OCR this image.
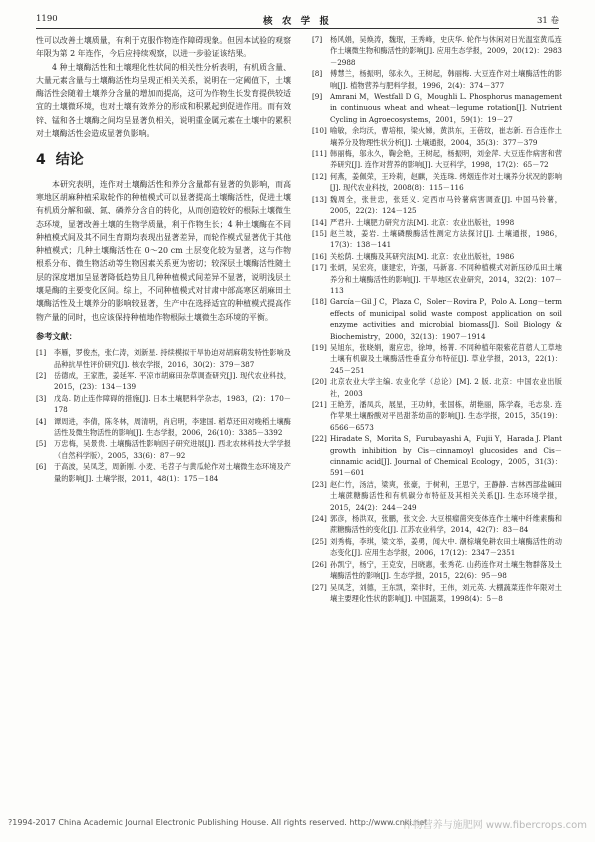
1190	核 农 学 报	31 卷

性可以改善土壤质量，有利于克服作物连作障碍现象。但因本试验的观察年限为第 2 年连作，今后应持续观察，以进一步验证该结果。

4 种土壤酶活性和土壤理化性状间的相关性分析表明，有机质含量、大量元素含量与土壤酶活性均呈现正相关关系，说明在一定阈值下，土壤酶活性会随着土壤养分含量的增加而提高，这可为作物生长发育提供较适宜的土壤微环境，也对土壤有效养分的形成和积累起到促进作用。而有效锌、锰和各土壤酶之间均呈显著负相关，说明重金属元素在土壤中的累积对土壤酶活性会造成显著负影响。

4 结论

本研究表明，连作对土壤酶活性和养分含量都有显著的负影响，而高寒地区胡麻种植采取轮作的种植模式可以显著提高土壤酶活性，促进土壤有机质分解和碳、氮、磷养分含自的转化，从而创造较好的根际土壤微生态环境，显著改善土壤的生物学质量，利于作物生长；4 种土壤酶在不同种植模式间及其不同生育期均表现出显著差异，而轮作模式显著优于其他种植模式；几种土壤酶活性在 0～20 cm 土层变化较为显著，这与作物根系分布、微生物活动等生物因素关系更为密切；较深层土壤酶活性随土层的深度增加呈显著降低趋势且几种种植模式间差异不显著，说明浅层土壤是酶的主要变化区间。综上，不同种植模式对甘肃中部高寒区胡麻田土壤酶活性及土壤养分的影响较显著，生产中在选择适宜的种植模式提高作物产量的同时，也应该保持种植地作物根际土壤微生态环境的平衡。

参考文献：
[1] 李雁，罗俊杰，张仁涛，刘新星. 持续模拟干旱协迫对胡麻萌发特性影响及品种抗旱性评价研究[J]. 核农学报，2016，30(2)：379－387
[2] 岳德成，王家胜，姜延军. 平凉市胡麻田杂草调查研究[J]. 现代农业科技，2015，(23)：134－139
[3] 戊岛. 防止连作障碍的措施[J]. 日本土壤肥料学杂志，1983，(2)：170－178
[4] 谭周进，李倩，陈冬林，周清明，肖启明，李建国. 稻草还田对晚稻土壤酶活性及微生物活性的影响[J]. 生态学报，2006，26(10)：3385－3392
[5] 万忠梅，吴景贵. 土壤酶活性影响因子研究进展[J]. 西北农林科技大学学报（自然科学版），2005，33(6)：87－92
[6] 于高波，吴凤芝，周新刚. 小麦、毛苕子与黄瓜轮作对土壤微生态环境及产量的影响[J]. 土壤学报，2011，48(1)：175－184
[7] 杨风娟，吴焕涛，魏珉，王秀峰，史庆华. 轮作与休闲对日光温室黄瓜连作土壤微生物和酶活性的影响[J]. 应用生态学报，2009，20(12)：2983－2988
[8] 傅慧兰，杨振明，邬永久，王树起，韩丽梅. 大豆连作对土壤酶活性的影响[J]. 植物营养与肥料学报，1996，2(4)：374－377
[9] Amrani M，Westfall D G，Moughli L. Phosphorus management in continuous wheat and wheat－legume rotation[J]. Nutrient Cycling in Agroecosystems，2001，59(1)：19－27
[10] 喻敏，余均沃，曹培根，梁火娣，黄洪东，王蓓玟，崔志新. 百合连作土壤养分及物理性状分析[J]. 土壤通报，2004，35(3)：377－379
[11] 韩丽梅，邬永久，鞠会艳，王树起，杨振明，刘金萍. 大豆连作病害和营养研究[J]. 连作对营养的影响[J]. 大豆科学，1998，17(2)：65－72
[12] 何燕，姜佩荣，王玲莉，赵麒，关连珠. 烤烟连作对土壤养分状况的影响[J]. 现代农业科技，2008(8)：115－116
[13] 魏周全，张世忠，张廷义. 定西市马铃薯病害调查[J]. 中国马铃薯，2005，22(2)：124－125
[14] 严君升. 土壤肥力研究方法[M]. 北京：农业出版社，1998
[15] 赵兰坡，姜岩. 土壤磷酸酶活性测定方法探讨[J]. 土壤通报，1986，17(3)：138－141
[16] 关松荫. 土壤酶及其研究法[M]. 北京：农业出版社，1986
[17] 张炳，吴宏亮，康建宏，许强，马新喜. 不同种植模式对新压砂瓜田土壤养分和土壤酶活性的影响[J]. 干旱地区农业研究，2014，32(2)：107－113
[18] García－Gil J C，Plaza C，Soler－Rovira P，Polo A. Long－term effects of municipal solid waste compost application on soil enzyme activities and microbial biomass[J]. Soil Biology & Biochemistry，2000，32(13)：1907－1914
[19] 吴旭东，张晓娟，谢应忠，徐坤，杨菁. 不同种植年限紫花苜蓿人工草地土壤有机碳及土壤酶活性垂直分布特征[J]. 草业学报，2013，22(1)：245－251
[20] 北京农业大学主编. 农业化学（总论）[M]. 2 版. 北京：中国农业出版社，2003
[21] 王艳芳，潘凤兵，展星，王功帅，张国栋，胡艳丽，陈学森，毛志泉. 连作苹果土壤酚酸对平邑甜茶幼苗的影响[J]. 生态学报，2015，35(19)：6566－6573
[22] Hiradate S，Morita S，Furubayashi A，Fujii Y，Harada J. Plant growth inhibition by Cis－cinnamoyl glucosides and Cis－cinnamic acid[J]. Journal of Chemical Ecology，2005，31(3)：591－601
[23] 赵仁竹，汤洁，梁爽，张豪，于树利，王思宁，王静静. 吉林西部盐碱田土壤蔗糖酶活性和有机碳分布特征及其相关关系[J]. 生态环境学报，2015，24(2)：244－249
[24] 郭彦，杨洪双，张鹏，张文会. 大豆根瘤菌突变体连作土壤中纤维素酶和蔗糖酶活性的变化[J]. 江苏农业科学，2014，42(7)：83－84
[25] 刘秀梅，李琪，梁文举，姜勇，闻大中. 潮棕壤免耕农田土壤酶活性的动态变化[J]. 应用生态学报，2006，17(12)：2347－2351
[26] 孙凯宁，杨宁，王克安，吕晓惠，张秀花. 山药连作对土壤生物群落及土壤酶活性的影响[J]. 生态学报，2015，22(6)：95－98
[27] 吴凤芝，刘德，王东凯，栾非时，王伟，刘元英. 大棚蔬菜连作年限对土壤主要理化性状的影响[J]. 中国蔬菜，1998(4)：5－8
?1994-2017 China Academic Journal Electronic Publishing House. All rights reserved. http://www.cnki.net
作物营养与施肥网 www.fibercrops.com
